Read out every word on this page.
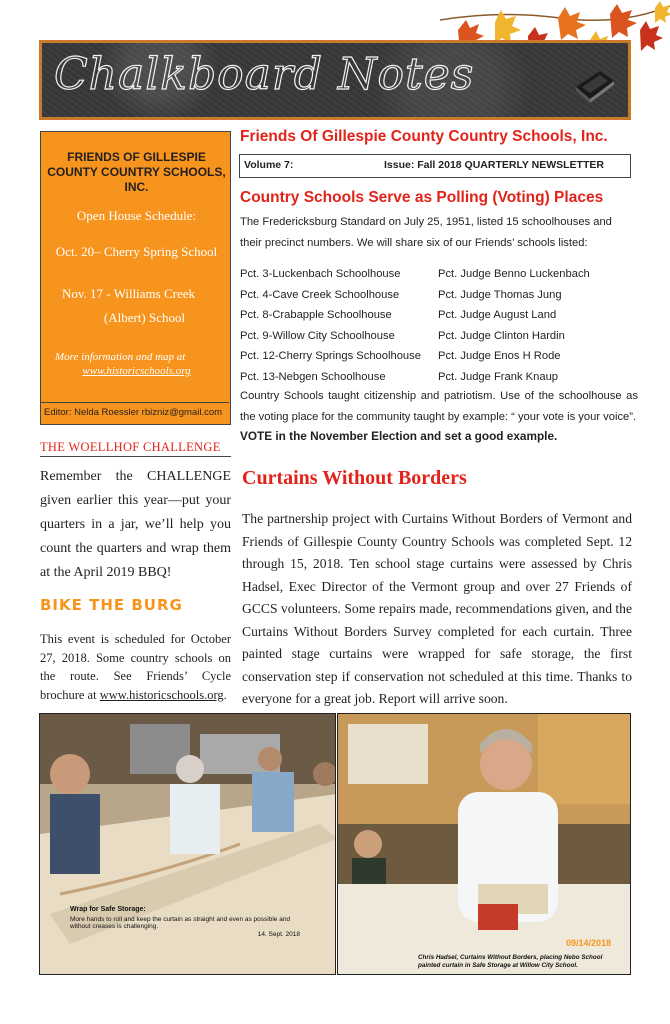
Chalkboard Notes
FRIENDS OF GILLESPIE COUNTY COUNTRY SCHOOLS, INC.
Open House Schedule:
Oct. 20– Cherry Spring School
Nov. 17 - Williams Creek
(Albert) School
More information and map at
www.historicschools.org
Editor: Nelda Roessler rbizniz@gmail.com
THE WOELLHOF CHALLENGE
Remember the CHALLENGE given earlier this year—put your quarters in a jar, we’ll help you count the quarters and wrap them at the April 2019 BBQ!
BIKE THE BURG
This event is scheduled for October 27, 2018. Some country schools on the route. See Friends’ Cycle brochure at www.historicschools.org.
Friends Of Gillespie County Country Schools, Inc.
Volume 7:	Issue: Fall 2018 QUARTERLY NEWSLETTER
Country Schools Serve as Polling (Voting) Places
The Fredericksburg Standard on July 25, 1951, listed 15 schoolhouses and their precinct numbers. We will share six of our Friends’ schools listed:
Pct. 3-Luckenbach Schoolhouse	Pct. Judge Benno Luckenbach
Pct. 4-Cave Creek Schoolhouse	Pct. Judge Thomas Jung
Pct. 8-Crabapple Schoolhouse	Pct. Judge August Land
Pct. 9-Willow City Schoolhouse	Pct. Judge Clinton Hardin
Pct. 12-Cherry Springs Schoolhouse Pct. Judge Enos H Rode
Pct. 13-Nebgen Schoolhouse	Pct. Judge Frank Knaup
Country Schools taught citizenship and patriotism. Use of the schoolhouse as the voting place for the community taught by example: “ your vote is your voice”.
VOTE in the November Election and set a good example.
Curtains Without Borders
The partnership project with Curtains Without Borders of Vermont and Friends of Gillespie County Country Schools was completed Sept. 12 through 15, 2018. Ten school stage curtains were assessed by Chris Hadsel, Exec Director of the Vermont group and over 27 Friends of GCCS volunteers. Some repairs made, recommendations given, and the Curtains Without Borders Survey completed for each curtain. Three painted stage curtains were wrapped for safe storage, the first conservation step if conservation not scheduled at this time. Thanks to everyone for a great job. Report will arrive soon.
Wrap for Safe Storage:
More hands to roll and keep the curtain as straight and even as possible and without creases is challenging.
14. Sept. 2018
09/14/2018
Chris Hadsel, Curtains Without Borders, placing Nebo School painted curtain in Safe Storage at Willow City School.
